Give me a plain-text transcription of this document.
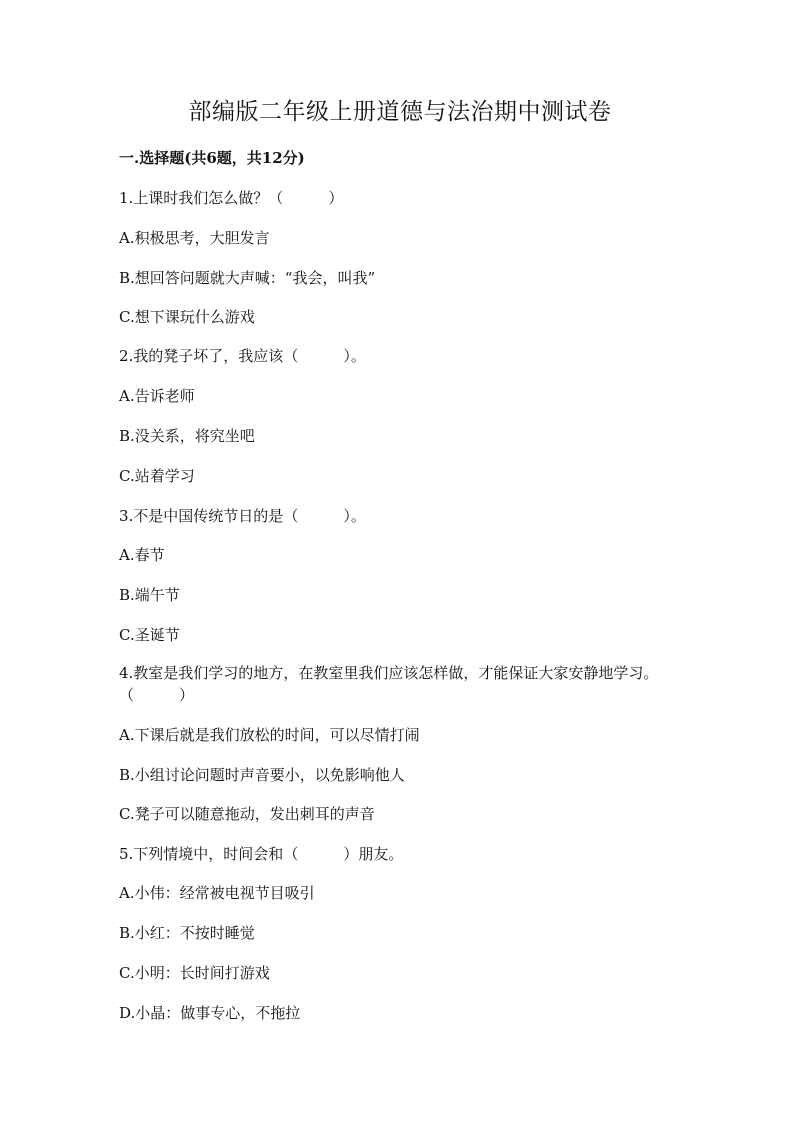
部编版二年级上册道德与法治期中测试卷
一.选择题(共6题，共12分)
1.上课时我们怎么做？（　　　）
A.积极思考，大胆发言
B.想回答问题就大声喊：“我会，叫我”
C.想下课玩什么游戏
2.我的凳子坏了，我应该（　　　）。
A.告诉老师
B.没关系，将究坐吧
C.站着学习
3.不是中国传统节日的是（　　　）。
A.春节
B.端午节
C.圣诞节
4.教室是我们学习的地方，在教室里我们应该怎样做，才能保证大家安静地学习。（　　　）
A.下课后就是我们放松的时间，可以尽情打闹
B.小组讨论问题时声音要小，以免影响他人
C.凳子可以随意拖动，发出刺耳的声音
5.下列情境中，时间会和（　　　）朋友。
A.小伟：经常被电视节目吸引
B.小红：不按时睡觉
C.小明：长时间打游戏
D.小晶：做事专心，不拖拉
